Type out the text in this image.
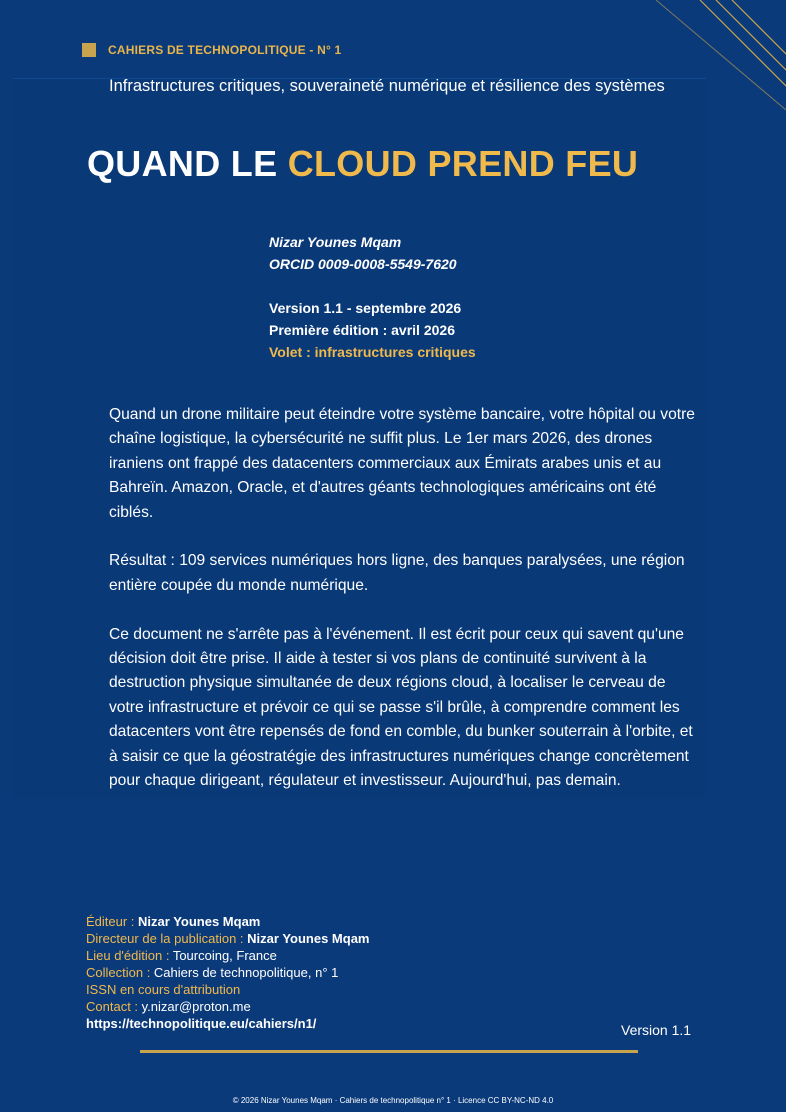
CAHIERS DE TECHNOPOLITIQUE - N° 1
Infrastructures critiques, souveraineté numérique et résilience des systèmes
QUAND LE CLOUD PREND FEU
Nizar Younes Mqam
ORCID 0009-0008-5549-7620
Version 1.1 - septembre 2026
Première édition : avril 2026
Volet : infrastructures critiques

Quand un drone militaire peut éteindre votre système bancaire, votre hôpital ou votre chaîne logistique, la cybersécurité ne suffit plus. Le 1er mars 2026, des drones iraniens ont frappé des datacenters commerciaux aux Émirats arabes unis et au Bahreïn. Amazon, Oracle, et d'autres géants technologiques américains ont été ciblés.

Résultat : 109 services numériques hors ligne, des banques paralysées, une région entière coupée du monde numérique.

Ce document ne s'arrête pas à l'événement. Il est écrit pour ceux qui savent qu'une décision doit être prise. Il aide à tester si vos plans de continuité survivent à la destruction physique simultanée de deux régions cloud, à localiser le cerveau de votre infrastructure et prévoir ce qui se passe s'il brûle, à comprendre comment les datacenters vont être repensés de fond en comble, du bunker souterrain à l'orbite, et à saisir ce que la géostratégie des infrastructures numériques change concrètement pour chaque dirigeant, régulateur et investisseur. Aujourd'hui, pas demain.

Éditeur : Nizar Younes Mqam
Directeur de la publication : Nizar Younes Mqam
Lieu d'édition : Tourcoing, France
Collection : Cahiers de technopolitique, n° 1
ISSN en cours d'attribution
Contact : y.nizar@proton.me
https://technopolitique.eu/cahiers/n1/	Version 1.1
© 2026 Nizar Younes Mqam · Cahiers de technopolitique n° 1 · Licence CC BY-NC-ND 4.0
